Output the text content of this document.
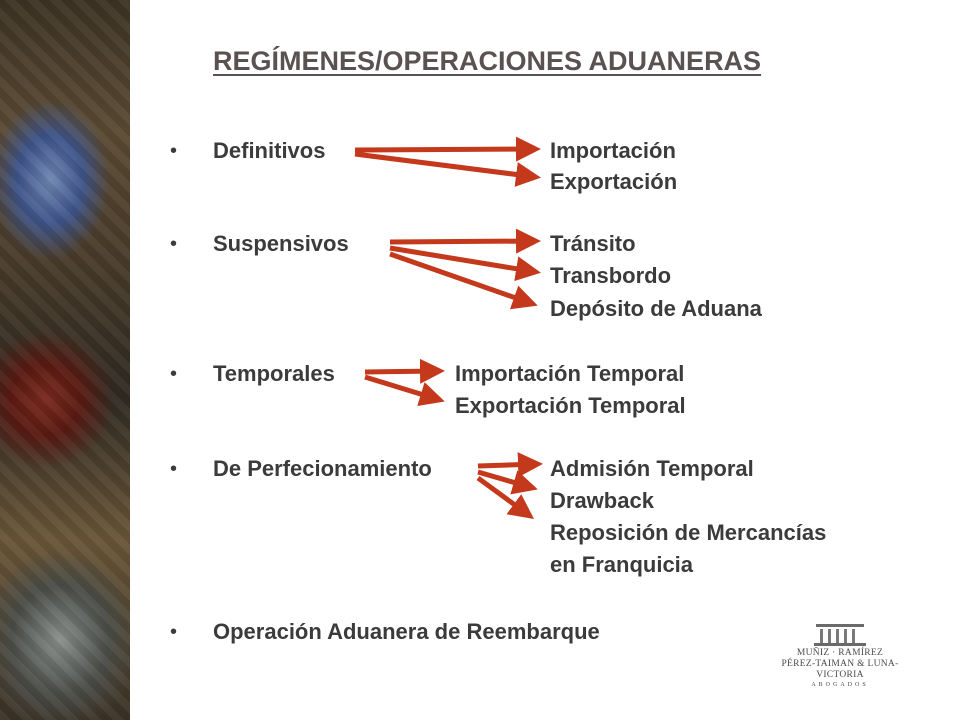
REGÍMENES/OPERACIONES ADUANERAS
• Definitivos	Importación
Exportación
• Suspensivos	Tránsito
Transbordo
Depósito de Aduana
• Temporales	Importación Temporal
Exportación Temporal
• De Perfecionamiento	Admisión Temporal
Drawback
Reposición de Mercancías
en Franquicia
• Operación Aduanera de Reembarque
MUÑIZ · RAMÍREZ
PÉREZ-TAIMAN & LUNA-VICTORIA
ABOGADOS
